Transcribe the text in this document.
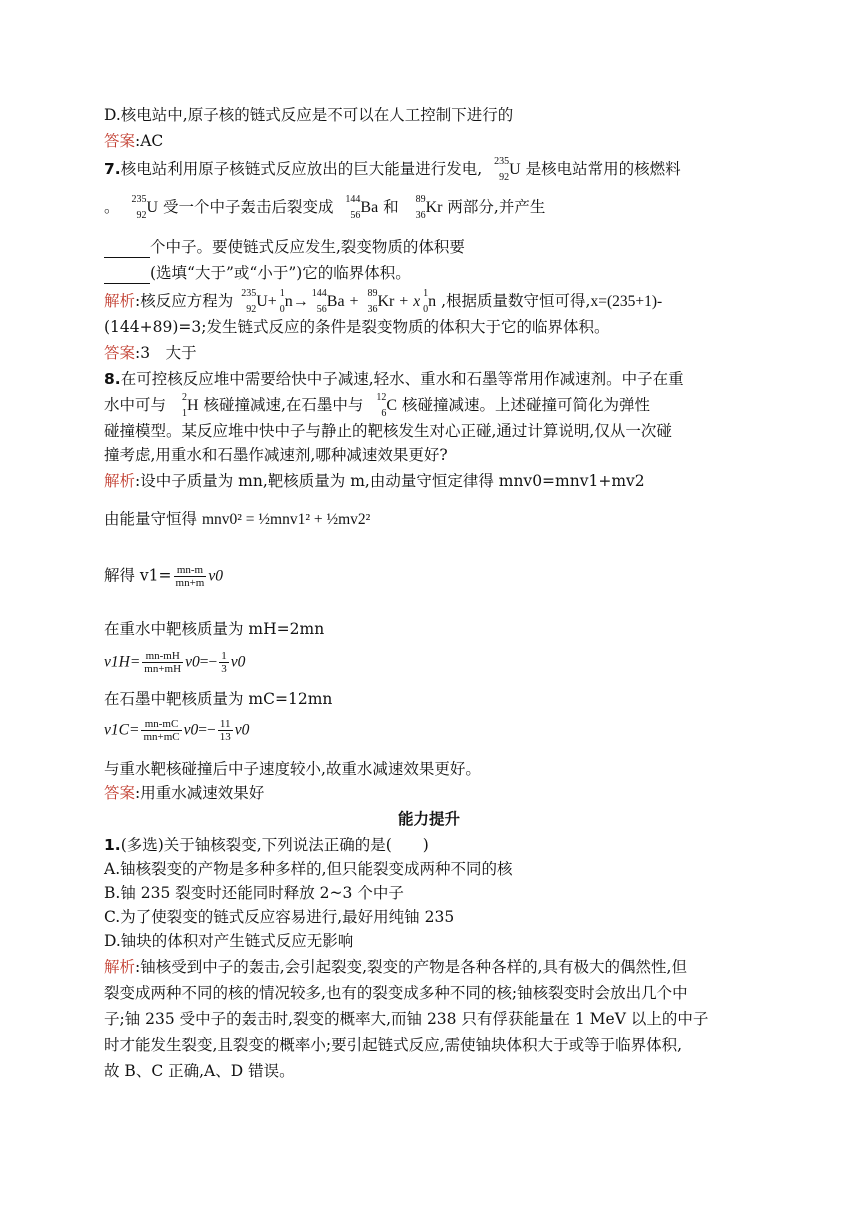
D.核电站中,原子核的链式反应是不可以在人工控制下进行的
答案:AC
7.核电站利用原子核链式反应放出的巨大能量进行发电, 235
92 U 是核电站常用的核燃料
。 235
92 U 受一个中子轰击后裂变成 144
56 Ba 和 89
36 Kr 两部分,并产生
个中子。要使链式反应发生,裂变物质的体积要
(选填“大于”或“小于”)它的临界体积。
解析:核反应方程为 235
92 U+ 1
0 n→ 144
56 Ba + 89
36 Kr + x 1
0 n ,根据质量数守恒可得,x=(235+1)-
(144+89)=3;发生链式反应的条件是裂变物质的体积大于它的临界体积。
答案:3　大于
8.在可控核反应堆中需要给快中子减速,轻水、重水和石墨等常用作减速剂。中子在重
水中可与 2
1 H 核碰撞减速,在石墨中与 12
6 C 核碰撞减速。上述碰撞可简化为弹性
碰撞模型。某反应堆中快中子与静止的靶核发生对心正碰,通过计算说明,仅从一次碰
撞考虑,用重水和石墨作减速剂,哪种减速效果更好?
解析:设中子质量为 mn,靶核质量为 m,由动量守恒定律得 mnv0=mnv1+mv2
由能量守恒得 mnv0² = ½mnv1² + ½mv2²
解得 $v1= \frac{mn-m}{mn+m} v0$
在重水中靶核质量为 mH=2mn
$v1H= \frac{mn-mH}{mn+mH} v0=- \frac{1}{3} v0$
在石墨中靶核质量为 mC=12mn
$v1C= \frac{mn-mC}{mn+mC} v0=- \frac{11}{13} v0$
与重水靶核碰撞后中子速度较小,故重水减速效果更好。
答案:用重水减速效果好
能力提升
1.(多选)关于铀核裂变,下列说法正确的是(　　)
A.铀核裂变的产物是多种多样的,但只能裂变成两种不同的核
B.铀 235 裂变时还能同时释放 2~3 个中子
C.为了使裂变的链式反应容易进行,最好用纯铀 235
D.铀块的体积对产生链式反应无影响
解析:铀核受到中子的轰击,会引起裂变,裂变的产物是各种各样的,具有极大的偶然性,但
裂变成两种不同的核的情况较多,也有的裂变成多种不同的核;铀核裂变时会放出几个中
子;铀 235 受中子的轰击时,裂变的概率大,而铀 238 只有俘获能量在 1 MeV 以上的中子
时才能发生裂变,且裂变的概率小;要引起链式反应,需使铀块体积大于或等于临界体积,
故 B、C 正确,A、D 错误。
